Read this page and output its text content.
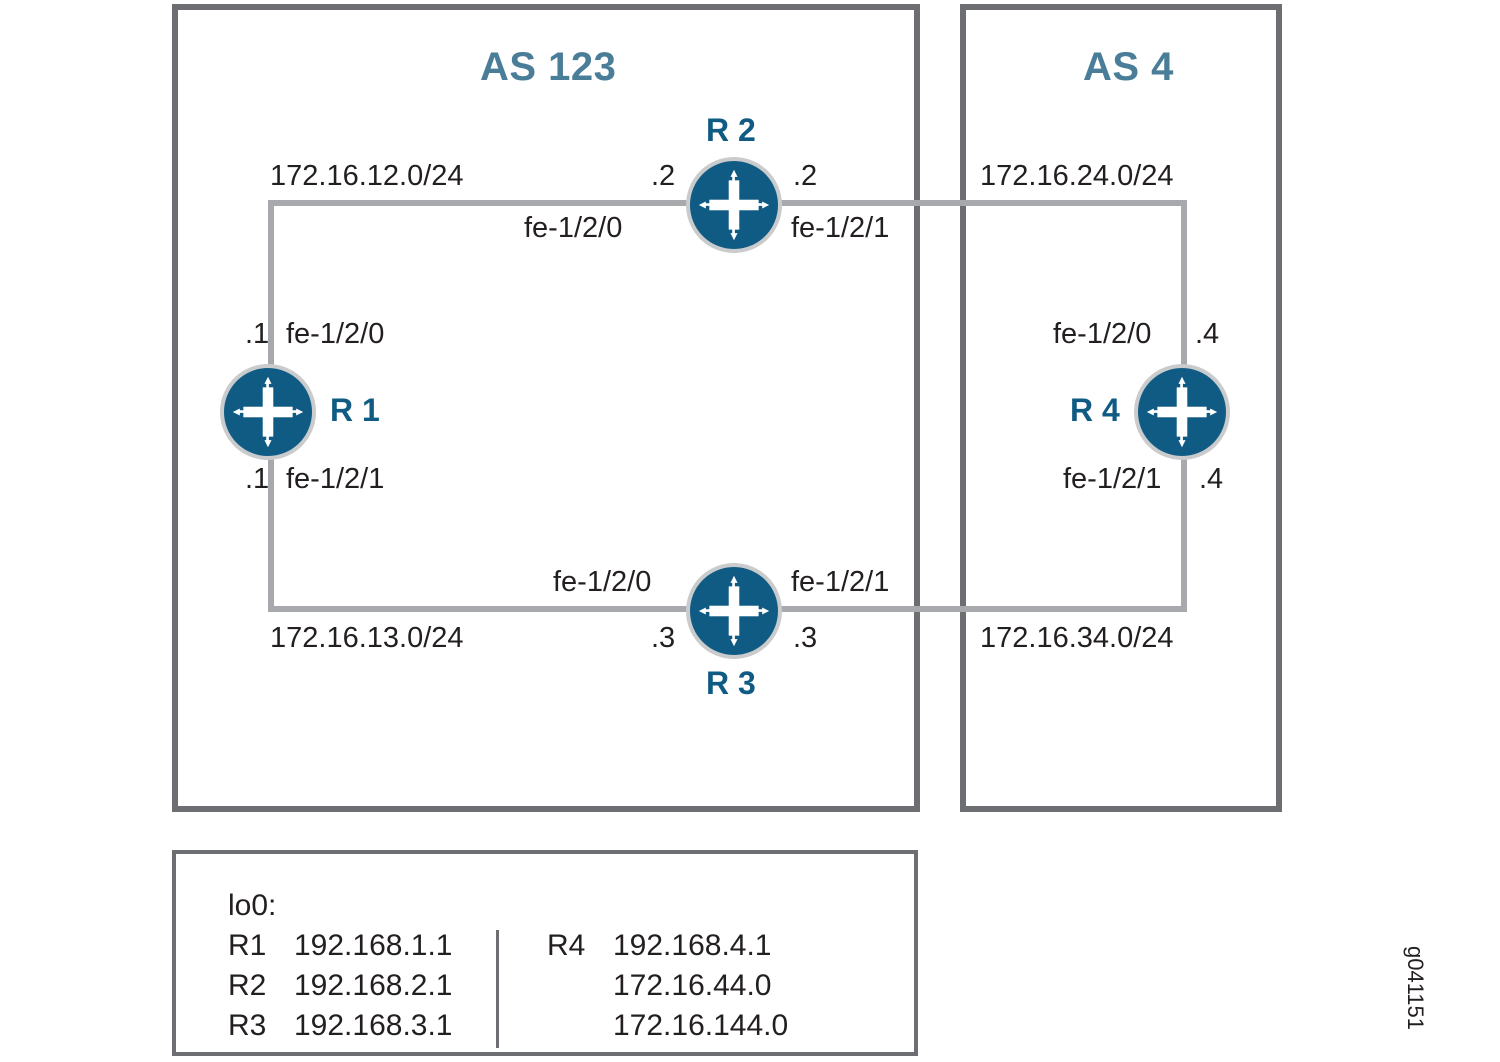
AS 123	AS 4
R 1
R 2
R 3
R 4
172.16.12.0/24
172.16.13.0/24
172.16.24.0/24
172.16.34.0/24
.1 fe-1/2/0
.1 fe-1/2/1
.2
fe-1/2/0
.2
fe-1/2/1
fe-1/2/0
.3
fe-1/2/1
.3
fe-1/2/0 .4
fe-1/2/1 .4
lo0:
R1 192.168.1.1
R2 192.168.2.1
R3 192.168.3.1
R4 192.168.4.1
172.16.44.0
172.16.144.0	g041151
